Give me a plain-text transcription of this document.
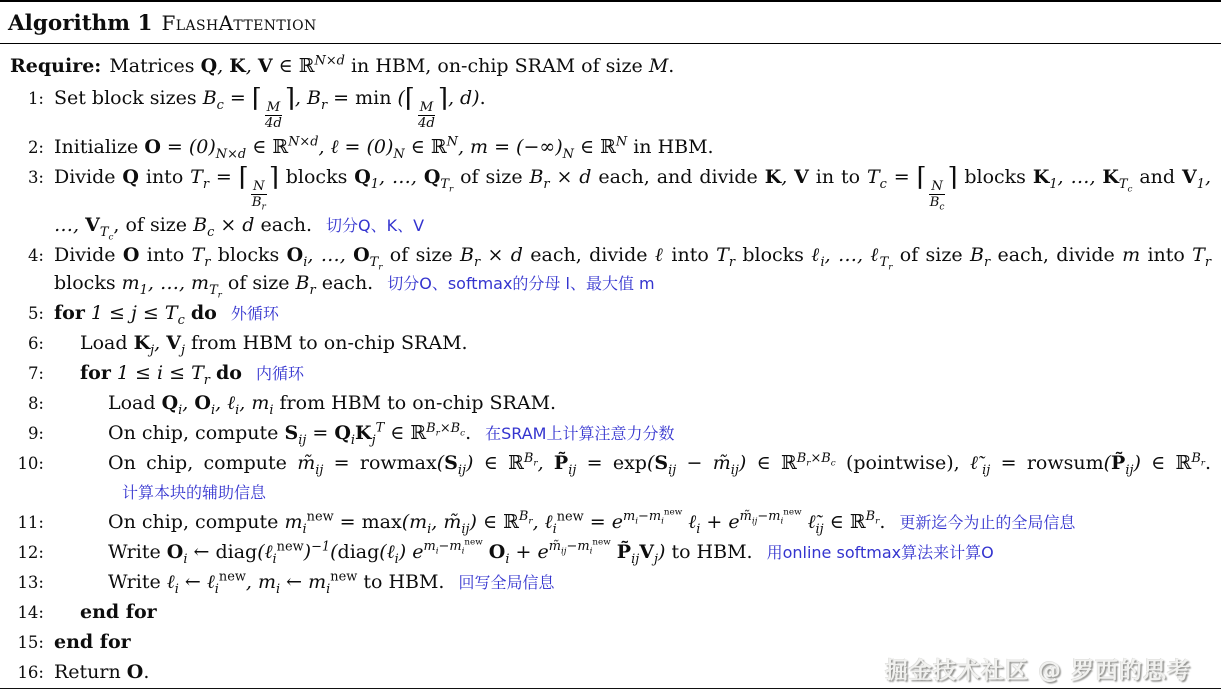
Algorithm 1 FlashAttention
Require: Matrices Q, K, V ∈ ℝ$^{N\times d}$ in HBM, on-chip SRAM of size M.
1: Set block sizes $B_c$ = ⌈
$\frac{M}{4d}$
⌉, $B_r = \min$ (⌈
$\frac{M}{4d}$
⌉, d).
2: Initialize $O = (0)_{N\times d}$ ∈ ℝ$^{N\times d}$, ℓ = $(0)_N$ ∈ ℝ$^N$, $m = (-\infty)_N$ ∈ ℝ$^N$ in HBM.
3: Divide Q into $T_r$ = ⌈
$\frac{N}{B_r}$
⌉ blocks $Q_1$, …, $Q_{T_r}$ of size $B_r \times d$ each, and divide K, V in to $T_c$ = ⌈
$\frac{N}{B_c}$
⌉ blocks $K_1$, …, $K_{T_c}$ and $V_1$, …, $V_{T_c}$, of size $B_c \times d$ each. 切分Q、K、V
4: Divide O into $T_r$ blocks $O_i$, …, $O_{T_r}$ of size $B_r \times d$ each, divide ℓ into $T_r$ blocks ℓ$_i$, …, ℓ$_{T_r}$ of size $B_r$ each, divide m into $T_r$ blocks $m_1$, …, $m_{T_r}$ of size $B_r$ each. 切分O、softmax的分母 l、最大值 m
5: for $1 \le j \le T_c$ do 外循环
6:	Load $K_j$, $V_j$ from HBM to on-chip SRAM.
7:	for $1 \le i \le T_r$ do 内循环
8:	Load $Q_i$, $O_i$, ℓ$_i$, $m_i$ from HBM to on-chip SRAM.
9:	On chip, compute $S_{ij} = Q_iK_j^T$ ∈ ℝ$^{B_r\times B_c}$. 在SRAM上计算注意力分数
10:	On chip, compute $m̃_{ij} = rowmax(S_{ij})$ ∈ ℝ$^{B_r}$, $P̃_{ij} = \exp(S_{ij}$ − $m̃_{ij}$) ∈ ℝ$^{B_r\times B_c}$ (pointwise), $\ell̃_{ij}$ = $rowsum(P̃_{ij})$ ∈ ℝ$^{B_r}$.计算本块的辅助信息
11:	On chip, compute $m_i^{new} = \max(m_i$, $m̃_{ij}$) ∈ ℝ$^{B_r}$, ℓ$_i^{new}$ = $e^{m_i-m_i^{new}}$ ℓ$_i$ + $e^{m̃_{ij}-m_i^{new}}$ $\ell̃_{ij}$ ∈ ℝ$^{B_r}$. 更新迄今为止的全局信息
12:	Write $O_i$ ← diag(ℓ$_i^{new}$)$^{-1}$(diag(ℓ$_i$) $e^{m_i-m_i^{new}}$ $O_i + e^{m̃_{ij}-m_i^{new}}$ $P̃_{ij}V_j$) to HBM. 用online softmax算法来计算O
13:	Write ℓ$_i$ ← ℓ$_i^{new}$, $m_i$ ← $m_i^{new}$ to HBM. 回写全局信息
14:	end for
15: end for
16: Return O.	掘金技术社区 @ 罗西的思考
